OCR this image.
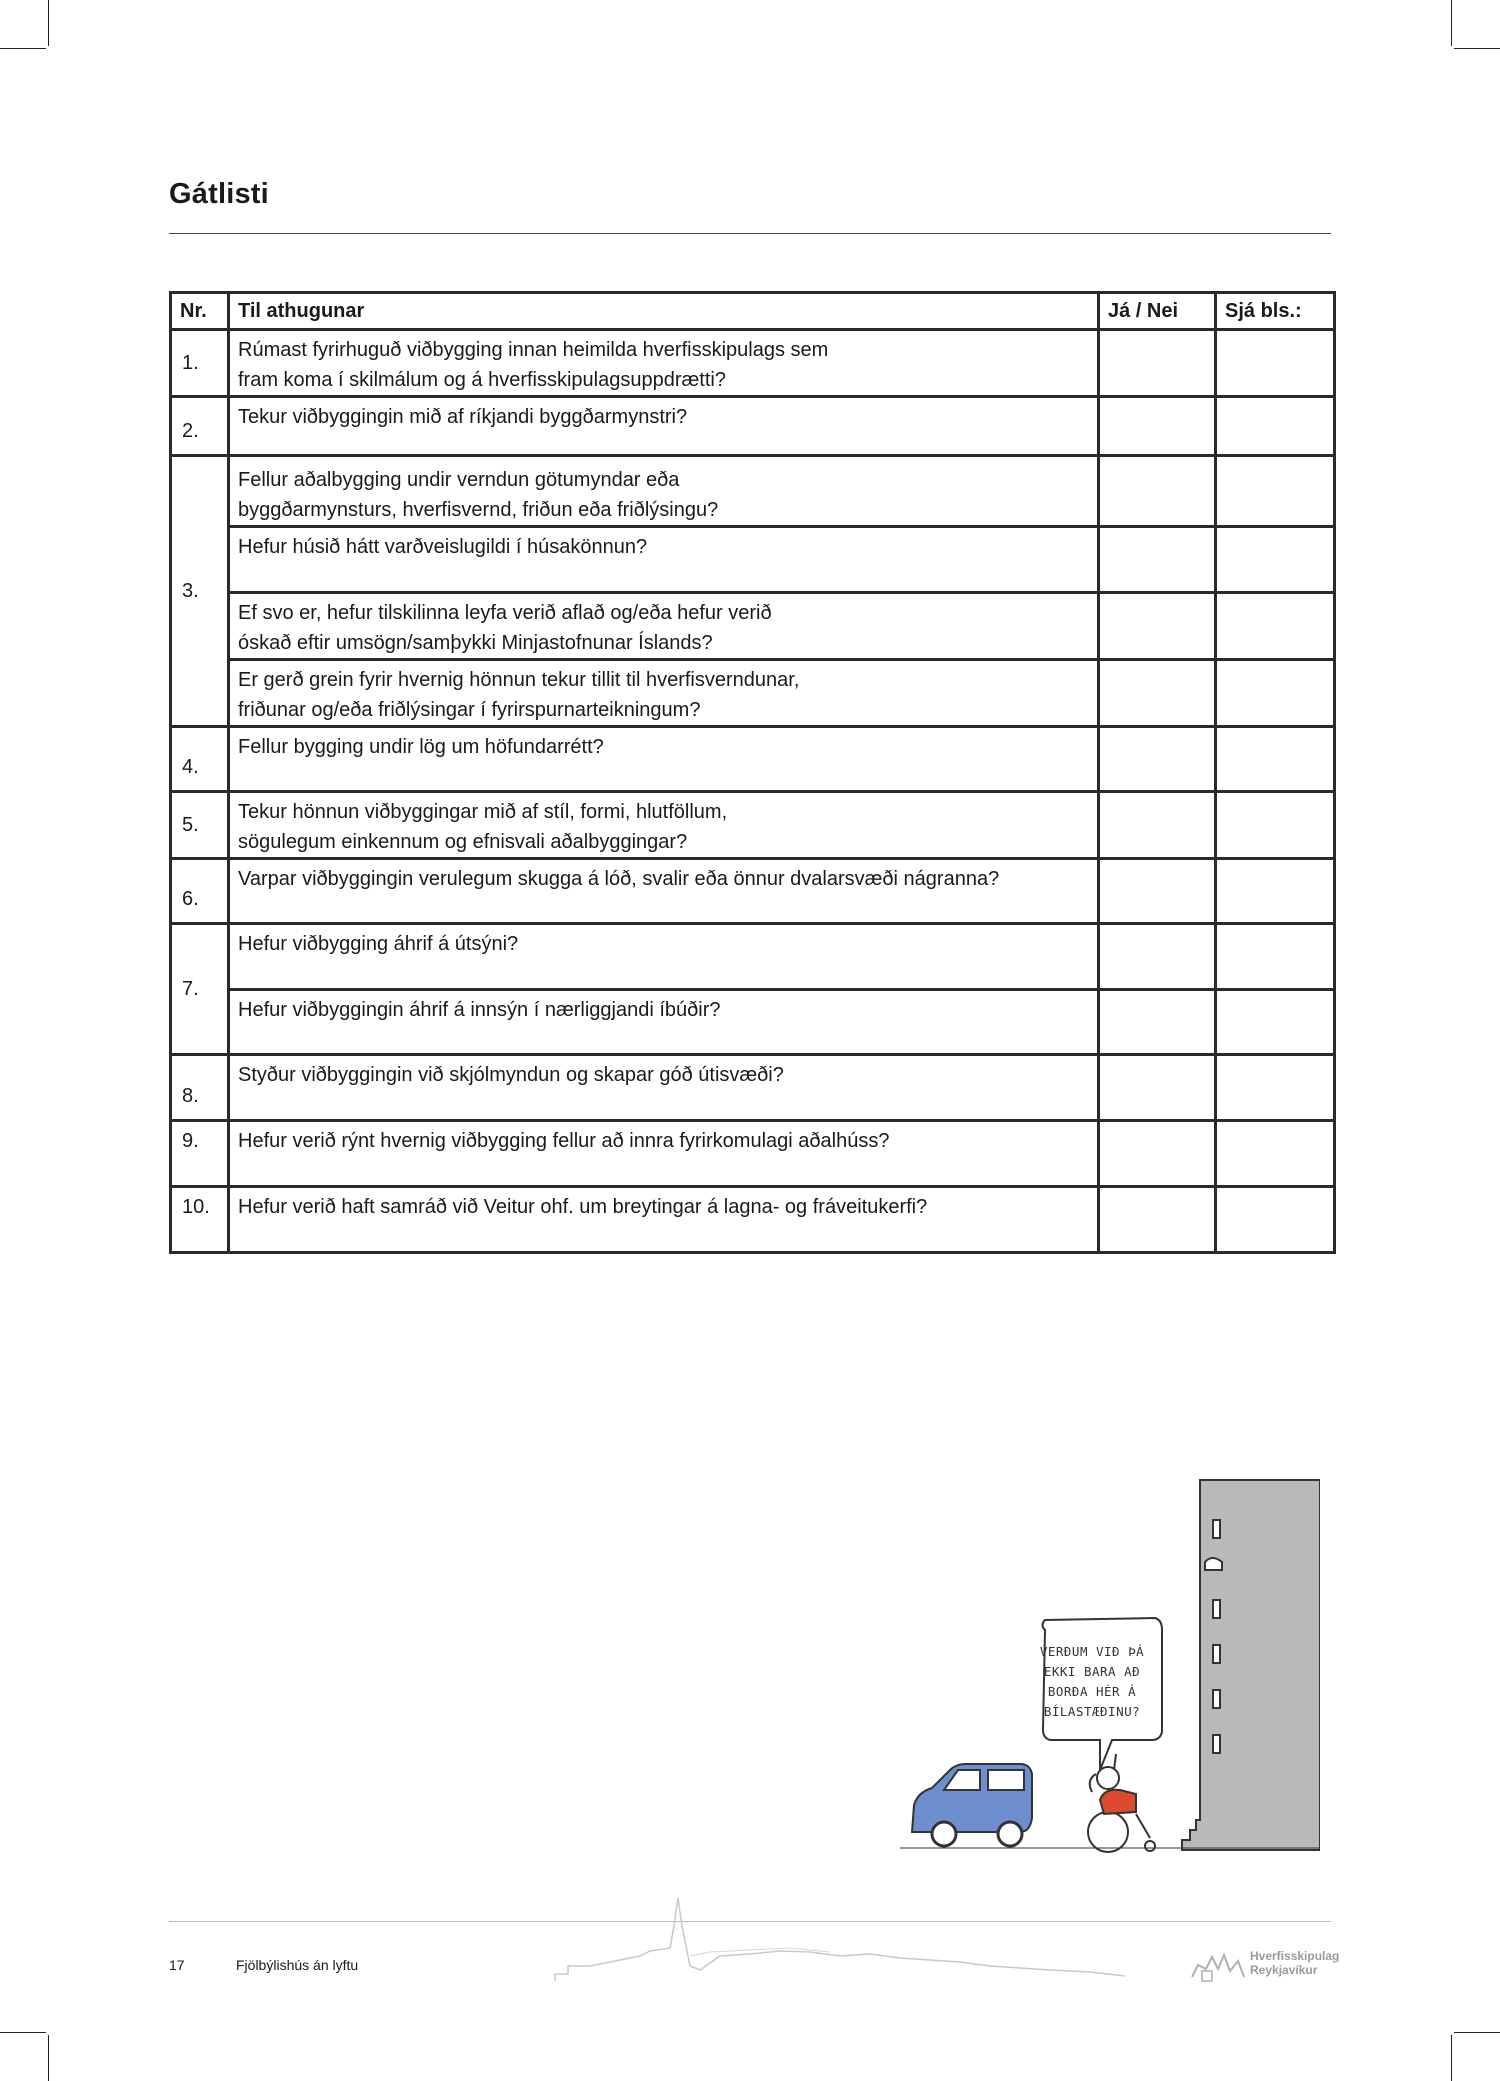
Gátlisti
Nr.	Til athugunar	Já / Nei	Sjá bls.:
1.	Rúmast fyrirhuguð viðbygging innan heimilda hverfisskipulags sem
fram koma í skilmálum og á hverfisskipulagsuppdrætti?		

2.	Tekur viðbyggingin mið af ríkjandi byggðarmynstri?		

3.	Fellur aðalbygging undir verndun götumyndar eða
byggðarmynsturs, hverfisvernd, friðun eða friðlýsingu?		

	Hefur húsið hátt varðveislugildi í húsakönnun?		

	Ef svo er, hefur tilskilinna leyfa verið aflað og/eða hefur verið
óskað eftir umsögn/samþykki Minjastofnunar Íslands?		

	Er gerð grein fyrir hvernig hönnun tekur tillit til hverfisverndunar,
friðunar og/eða friðlýsingar í fyrirspurnarteikningum?		

4.	Fellur bygging undir lög um höfundarrétt?		

5.	Tekur hönnun viðbyggingar mið af stíl, formi, hlutföllum,
sögulegum einkennum og efnisvali aðalbyggingar?		

6.	Varpar viðbyggingin verulegum skugga á lóð, svalir eða önnur dvalarsvæði nágranna?		

7.	Hefur viðbygging áhrif á útsýni?		

	Hefur viðbyggingin áhrif á innsýn í nærliggjandi íbúðir?		

8.	Styður viðbyggingin við skjólmyndun og skapar góð útisvæði?		

9.	Hefur verið rýnt hvernig viðbygging fellur að innra fyrirkomulagi aðalhúss?		

10.	Hefur verið haft samráð við Veitur ohf. um breytingar á lagna- og fráveitukerfi?		

VERÐUM VIÐ ÞÁ
EKKI BARA AÐ
BORÐA HÉR Á
BÍLASTÆÐINU?
17	Fjölbýlishús án lyftu
Hverfisskipulag
Reykjavíkur
